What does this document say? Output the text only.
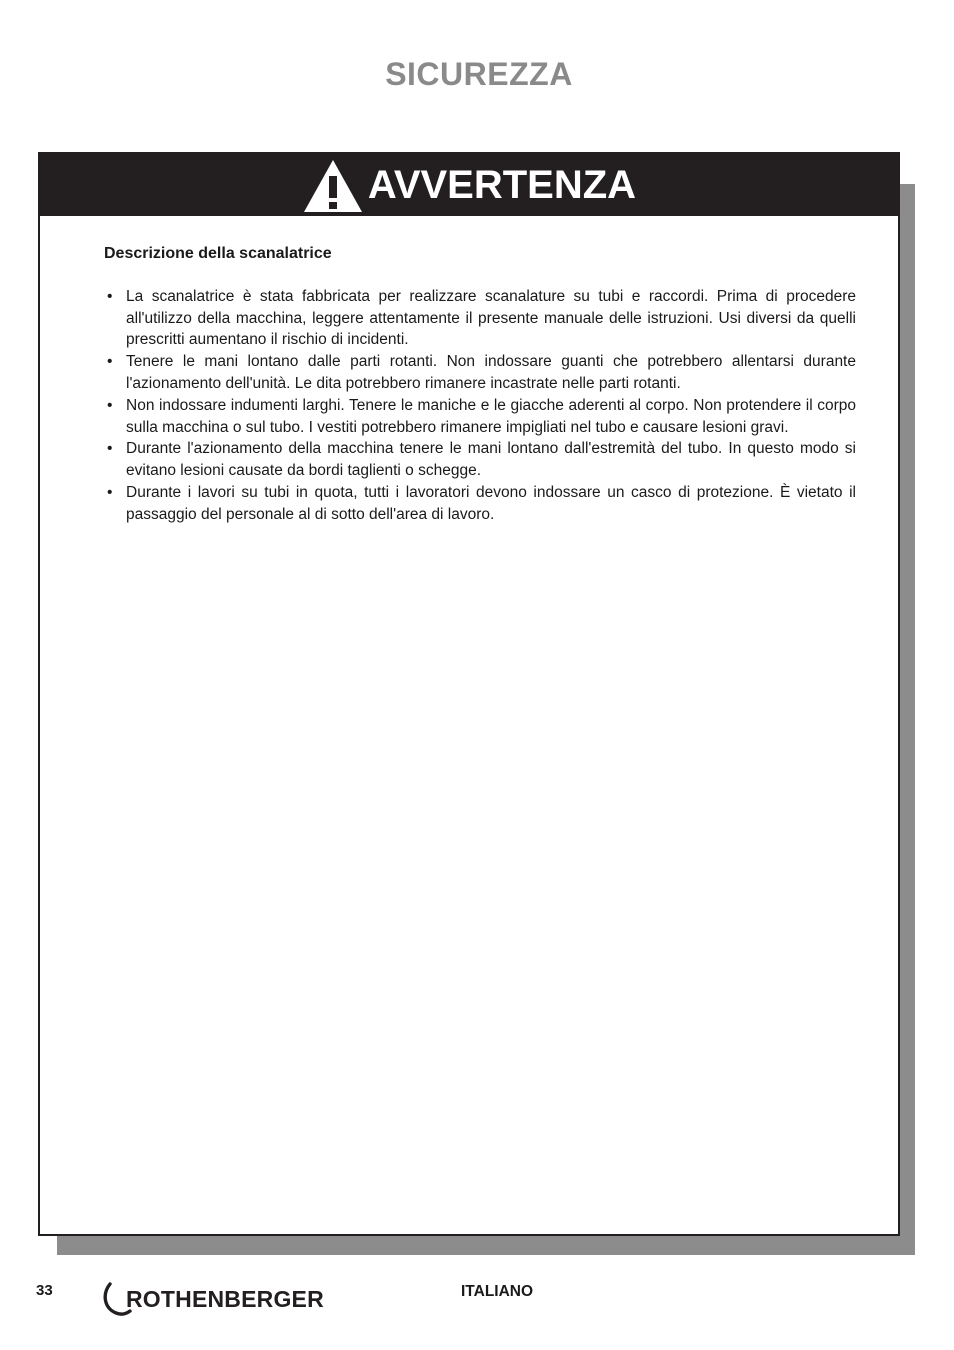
SICUREZZA
AVVERTENZA
Descrizione della scanalatrice
• La scanalatrice è stata fabbricata per realizzare scanalature su tubi e raccordi. Prima di procedere all'utilizzo della macchina, leggere attentamente il presente manuale delle istruzioni. Usi diversi da quelli prescritti aumentano il rischio di incidenti.
• Tenere le mani lontano dalle parti rotanti. Non indossare guanti che potrebbero allentarsi durante l'azionamento dell'unità. Le dita potrebbero rimanere incastrate nelle parti rotanti.
• Non indossare indumenti larghi. Tenere le maniche e le giacche aderenti al corpo. Non protendere il corpo sulla macchina o sul tubo. I vestiti potrebbero rimanere impigliati nel tubo e causare lesioni gravi.
• Durante l'azionamento della macchina tenere le mani lontano dall'estremità del tubo. In questo modo si evitano lesioni causate da bordi taglienti o schegge.
• Durante i lavori su tubi in quota, tutti i lavoratori devono indossare un casco di protezione. È vietato il passaggio del personale al di sotto dell'area di lavoro.
33	ROTHENBERGER	ITALIANO
